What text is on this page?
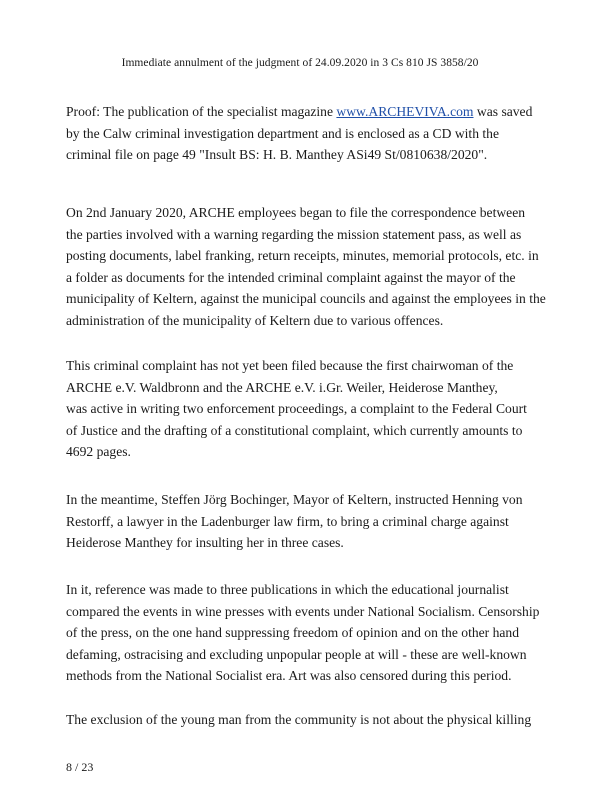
Immediate annulment of the judgment of 24.09.2020 in 3 Cs 810 JS 3858/20

Proof: The publication of the specialist magazine www.ARCHEVIVA.com was saved
by the Calw criminal investigation department and is enclosed as a CD with the
criminal file on page 49 "Insult BS: H. B. Manthey ASi49 St/0810638/2020".

On 2nd January 2020, ARCHE employees began to file the correspondence between
the parties involved with a warning regarding the mission statement pass, as well as
posting documents, label franking, return receipts, minutes, memorial protocols, etc. in
a folder as documents for the intended criminal complaint against the mayor of the
municipality of Keltern, against the municipal councils and against the employees in the
administration of the municipality of Keltern due to various offences.

This criminal complaint has not yet been filed because the first chairwoman of the
ARCHE e.V. Waldbronn and the ARCHE e.V. i.Gr. Weiler, Heiderose Manthey,
was active in writing two enforcement proceedings, a complaint to the Federal Court
of Justice and the drafting of a constitutional complaint, which currently amounts to
4692 pages.

In the meantime, Steffen Jörg Bochinger, Mayor of Keltern, instructed Henning von
Restorff, a lawyer in the Ladenburger law firm, to bring a criminal charge against
Heiderose Manthey for insulting her in three cases.

In it, reference was made to three publications in which the educational journalist
compared the events in wine presses with events under National Socialism. Censorship
of the press, on the one hand suppressing freedom of opinion and on the other hand
defaming, ostracising and excluding unpopular people at will - these are well-known
methods from the National Socialist era. Art was also censored during this period.

The exclusion of the young man from the community is not about the physical killing

8 / 23
